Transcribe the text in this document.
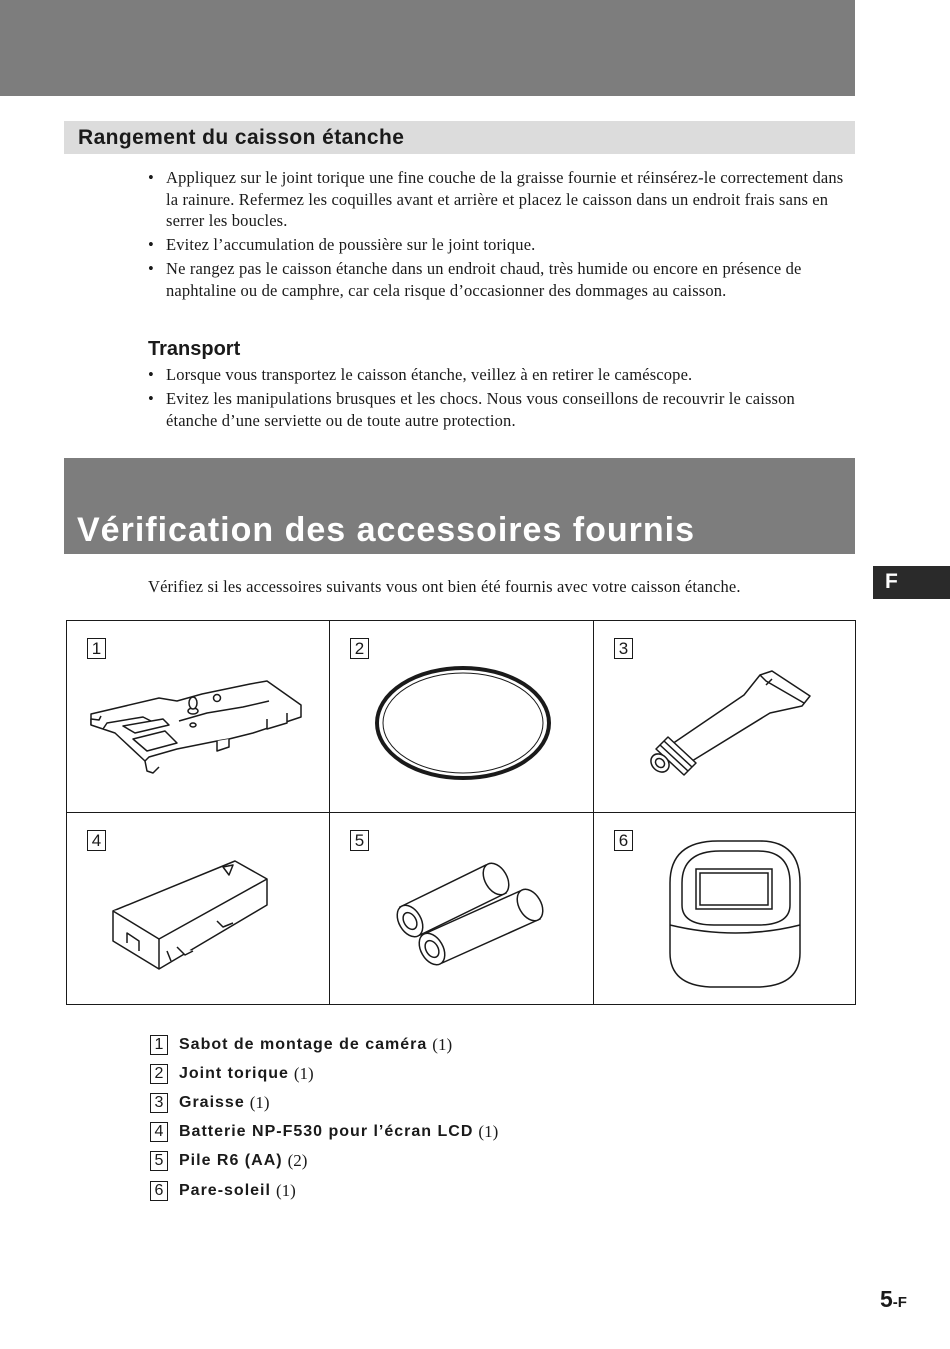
Rangement du caisson étanche
• Appliquez sur le joint torique une fine couche de la graisse fournie et réinsérez-le correctement dans la rainure. Refermez les coquilles avant et arrière et placez le caisson dans un endroit frais sans en serrer les boucles.
• Evitez l’accumulation de poussière sur le joint torique.
• Ne rangez pas le caisson étanche dans un endroit chaud, très humide ou encore en présence de naphtaline ou de camphre, car cela risque d’occasionner des dommages au caisson.
Transport
• Lorsque vous transportez le caisson étanche, veillez à en retirer le caméscope.
• Evitez les manipulations brusques et les chocs. Nous vous conseillons de recouvrir le caisson étanche d’une serviette ou de toute autre protection.
Vérification des accessoires fournis
F

Vérifiez si les accessoires suivants vous ont bien été fournis avec votre caisson étanche.

1	2	3
4	5	6
1 Sabot de montage de caméra (1)
2 Joint torique (1)
3 Graisse (1)
4 Batterie NP-F530 pour l’écran LCD (1)
5 Pile R6 (AA) (2)
6 Pare-soleil (1)
5-F
